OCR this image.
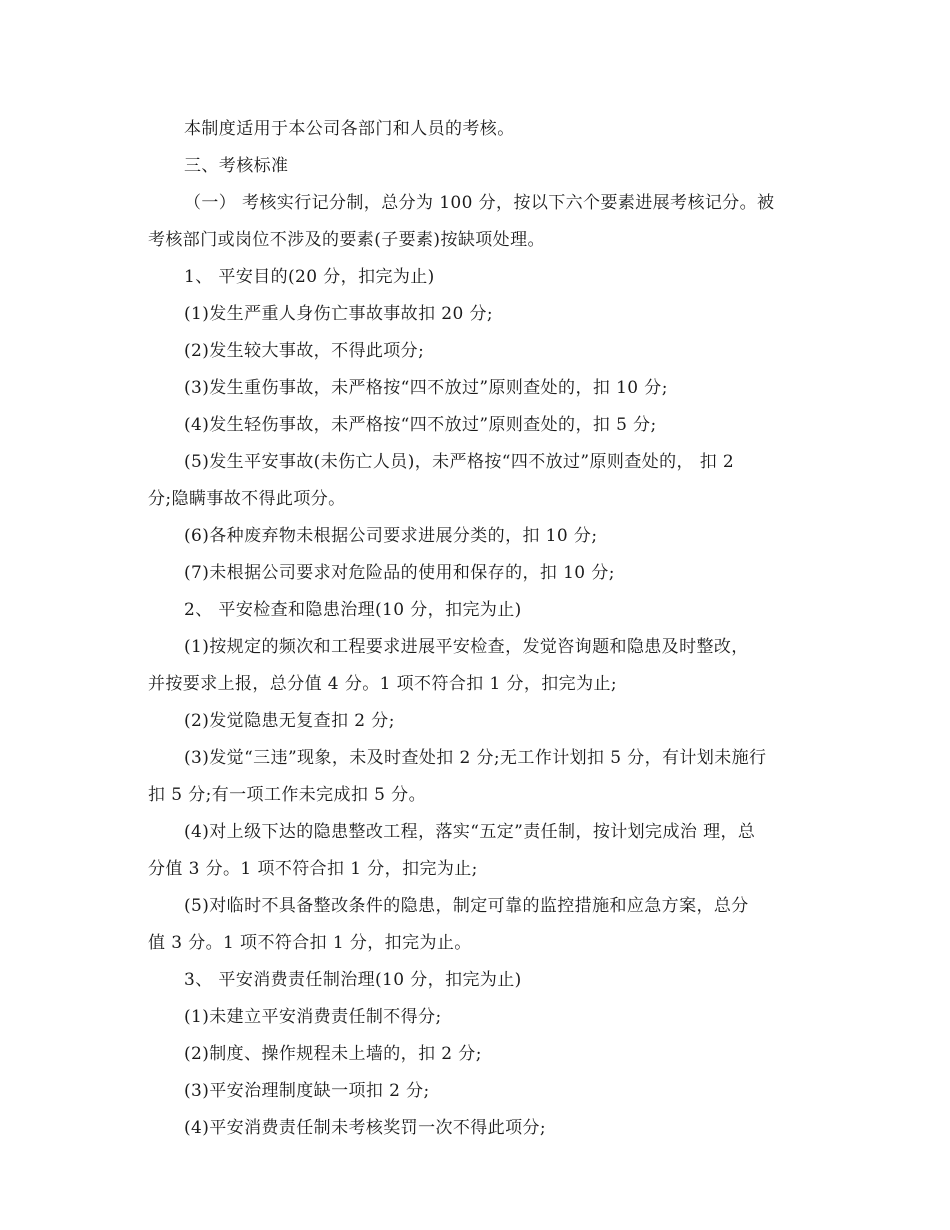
本制度适用于本公司各部门和人员的考核。
三、考核标准
（一） 考核实行记分制，总分为 100 分，按以下六个要素进展考核记分。被
考核部门或岗位不涉及的要素(子要素)按缺项处理。
1、 平安目的(20 分，扣完为止)
(1)发生严重人身伤亡事故事故扣 20 分;
(2)发生较大事故，不得此项分;
(3)发生重伤事故，未严格按“四不放过”原则查处的，扣 10 分;
(4)发生轻伤事故，未严格按“四不放过”原则查处的，扣 5 分;
(5)发生平安事故(未伤亡人员)，未严格按“四不放过”原则查处的， 扣 2
分;隐瞒事故不得此项分。
(6)各种废弃物未根据公司要求进展分类的，扣 10 分;
(7)未根据公司要求对危险品的使用和保存的，扣 10 分;
2、 平安检查和隐患治理(10 分，扣完为止)
(1)按规定的频次和工程要求进展平安检查，发觉咨询题和隐患及时整改，
并按要求上报，总分值 4 分。1 项不符合扣 1 分，扣完为止;
(2)发觉隐患无复查扣 2 分;
(3)发觉“三违”现象，未及时查处扣 2 分;无工作计划扣 5 分，有计划未施行
扣 5 分;有一项工作未完成扣 5 分。
(4)对上级下达的隐患整改工程，落实“五定”责任制，按计划完成治 理，总
分值 3 分。1 项不符合扣 1 分，扣完为止;
(5)对临时不具备整改条件的隐患，制定可靠的监控措施和应急方案，总分
值 3 分。1 项不符合扣 1 分，扣完为止。
3、 平安消费责任制治理(10 分，扣完为止)
(1)未建立平安消费责任制不得分;
(2)制度、操作规程未上墙的，扣 2 分;
(3)平安治理制度缺一项扣 2 分;
(4)平安消费责任制未考核奖罚一次不得此项分;
